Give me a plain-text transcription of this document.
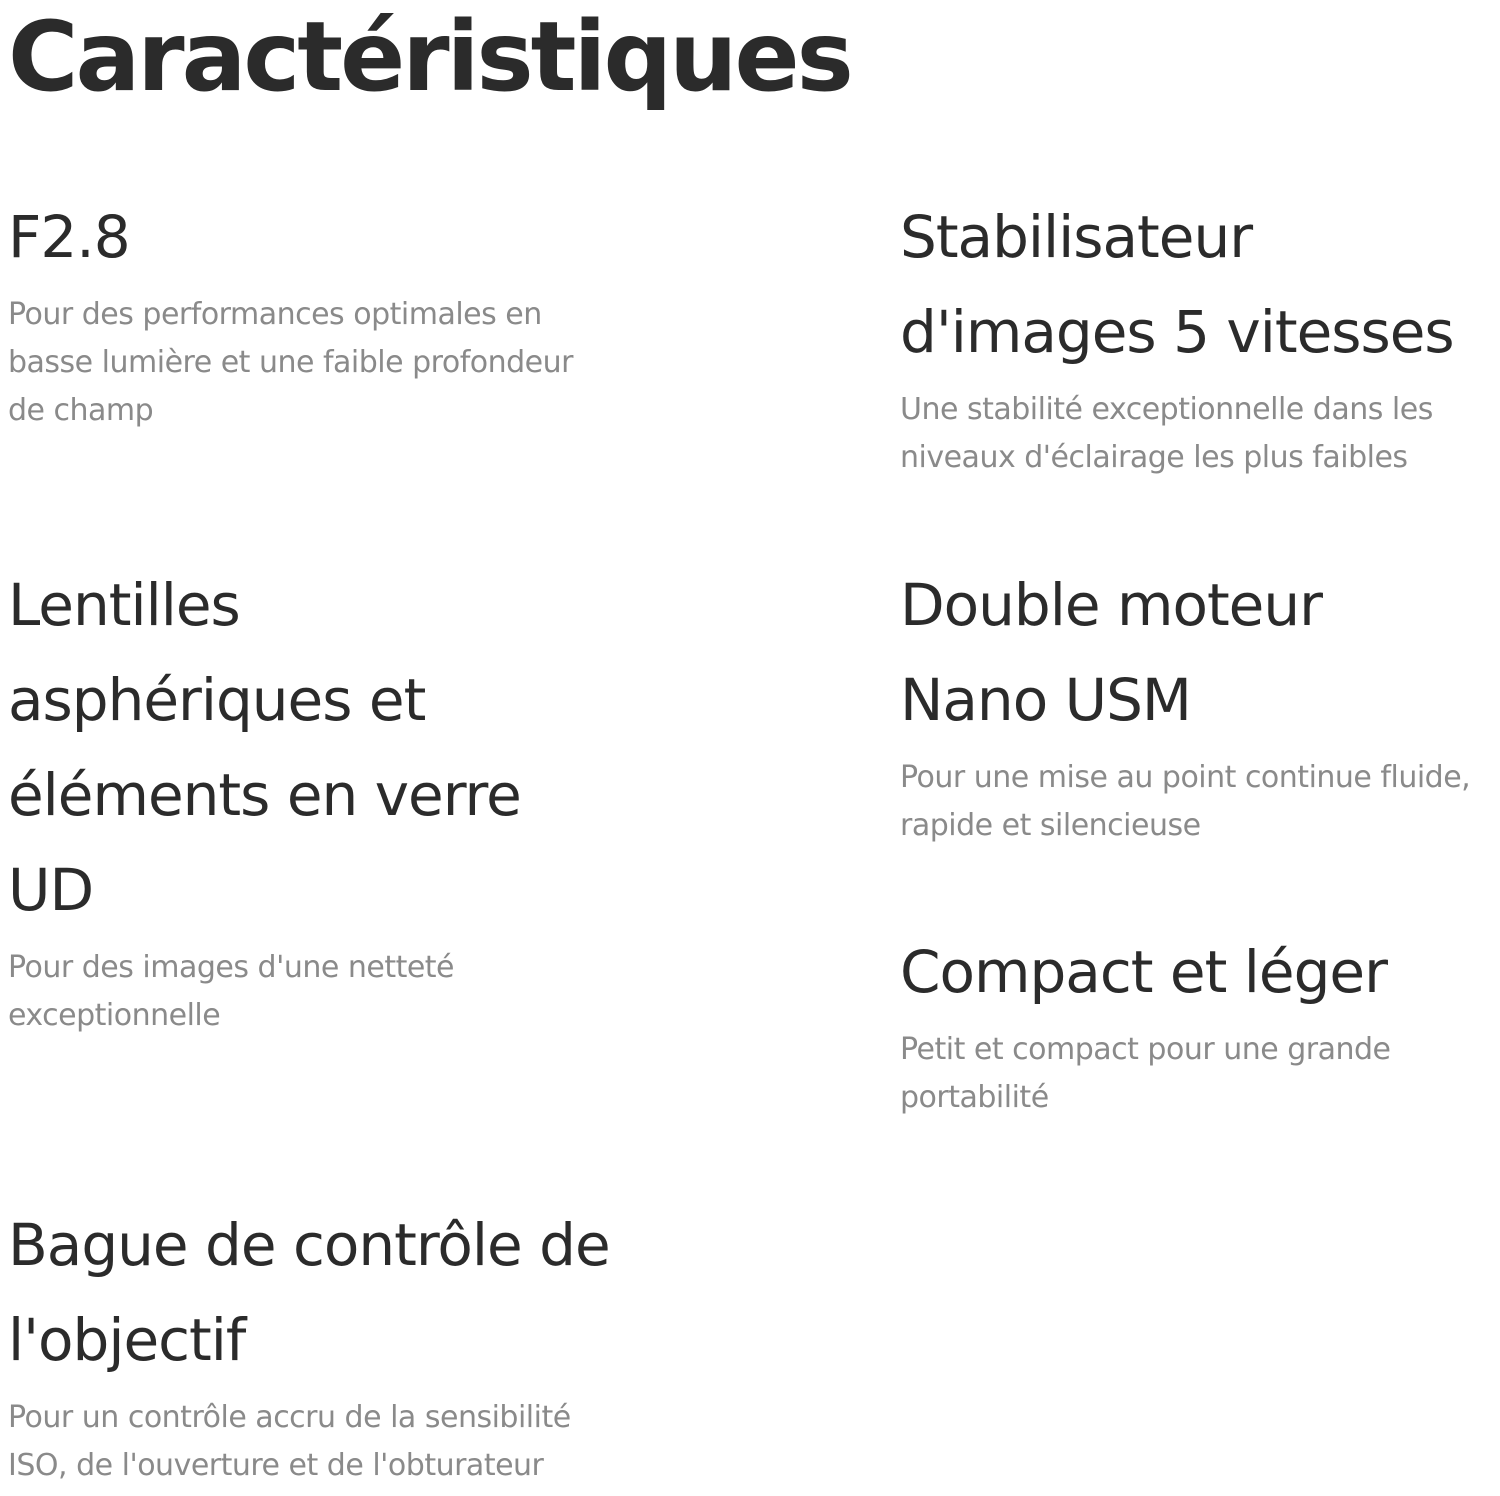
Caractéristiques
F2.8

Pour des performances optimales en basse lumière et une faible profondeur de champ

Stabilisateur d'images 5 vitesses

Une stabilité exceptionnelle dans les niveaux d'éclairage les plus faibles

Lentilles asphériques et éléments en verre UD

Pour des images d'une netteté exceptionnelle

Double moteur Nano USM

Pour une mise au point continue fluide, rapide et silencieuse

Compact et léger

Petit et compact pour une grande portabilité

Bague de contrôle de l'objectif

Pour un contrôle accru de la sensibilité ISO, de l'ouverture et de l'obturateur
